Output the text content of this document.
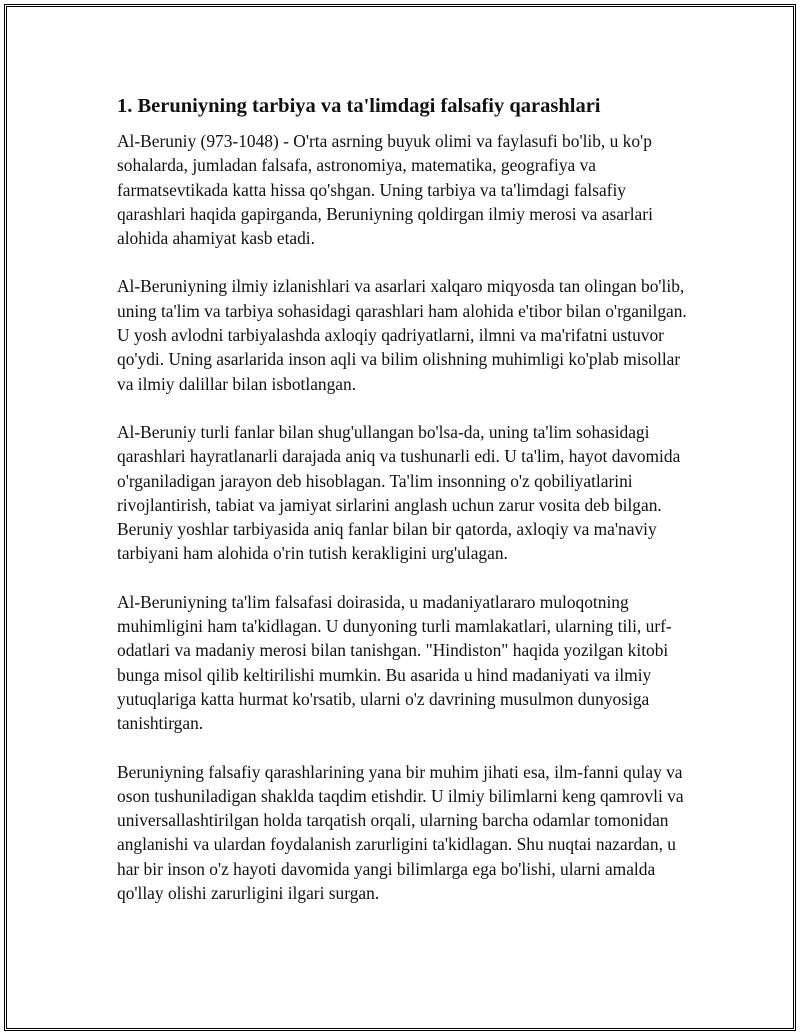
1. Beruniyning tarbiya va ta'limdagi falsafiy qarashlari

Al-Beruniy (973-1048) - O'rta asrning buyuk olimi va faylasufi bo'lib, u ko'p sohalarda, jumladan falsafa, astronomiya, matematika, geografiya va farmatsevtikada katta hissa qo'shgan. Uning tarbiya va ta'limdagi falsafiy qarashlari haqida gapirganda, Beruniyning qoldirgan ilmiy merosi va asarlari alohida ahamiyat kasb etadi.

Al-Beruniyning ilmiy izlanishlari va asarlari xalqaro miqyosda tan olingan bo'lib, uning ta'lim va tarbiya sohasidagi qarashlari ham alohida e'tibor bilan o'rganilgan. U yosh avlodni tarbiyalashda axloqiy qadriyatlarni, ilmni va ma'rifatni ustuvor qo'ydi. Uning asarlarida inson aqli va bilim olishning muhimligi ko'plab misollar va ilmiy dalillar bilan isbotlangan.

Al-Beruniy turli fanlar bilan shug'ullangan bo'lsa-da, uning ta'lim sohasidagi qarashlari hayratlanarli darajada aniq va tushunarli edi. U ta'lim, hayot davomida o'rganiladigan jarayon deb hisoblagan. Ta'lim insonning o'z qobiliyatlarini rivojlantirish, tabiat va jamiyat sirlarini anglash uchun zarur vosita deb bilgan. Beruniy yoshlar tarbiyasida aniq fanlar bilan bir qatorda, axloqiy va ma'naviy tarbiyani ham alohida o'rin tutish kerakligini urg'ulagan.

Al-Beruniyning ta'lim falsafasi doirasida, u madaniyatlararo muloqotning muhimligini ham ta'kidlagan. U dunyoning turli mamlakatlari, ularning tili, urf-odatlari va madaniy merosi bilan tanishgan. "Hindiston" haqida yozilgan kitobi bunga misol qilib keltirilishi mumkin. Bu asarida u hind madaniyati va ilmiy yutuqlariga katta hurmat ko'rsatib, ularni o'z davrining musulmon dunyosiga tanishtirgan.

Beruniyning falsafiy qarashlarining yana bir muhim jihati esa, ilm-fanni qulay va oson tushuniladigan shaklda taqdim etishdir. U ilmiy bilimlarni keng qamrovli va universallashtirilgan holda tarqatish orqali, ularning barcha odamlar tomonidan anglanishi va ulardan foydalanish zarurligini ta'kidlagan. Shu nuqtai nazardan, u har bir inson o'z hayoti davomida yangi bilimlarga ega bo'lishi, ularni amalda qo'llay olishi zarurligini ilgari surgan.
